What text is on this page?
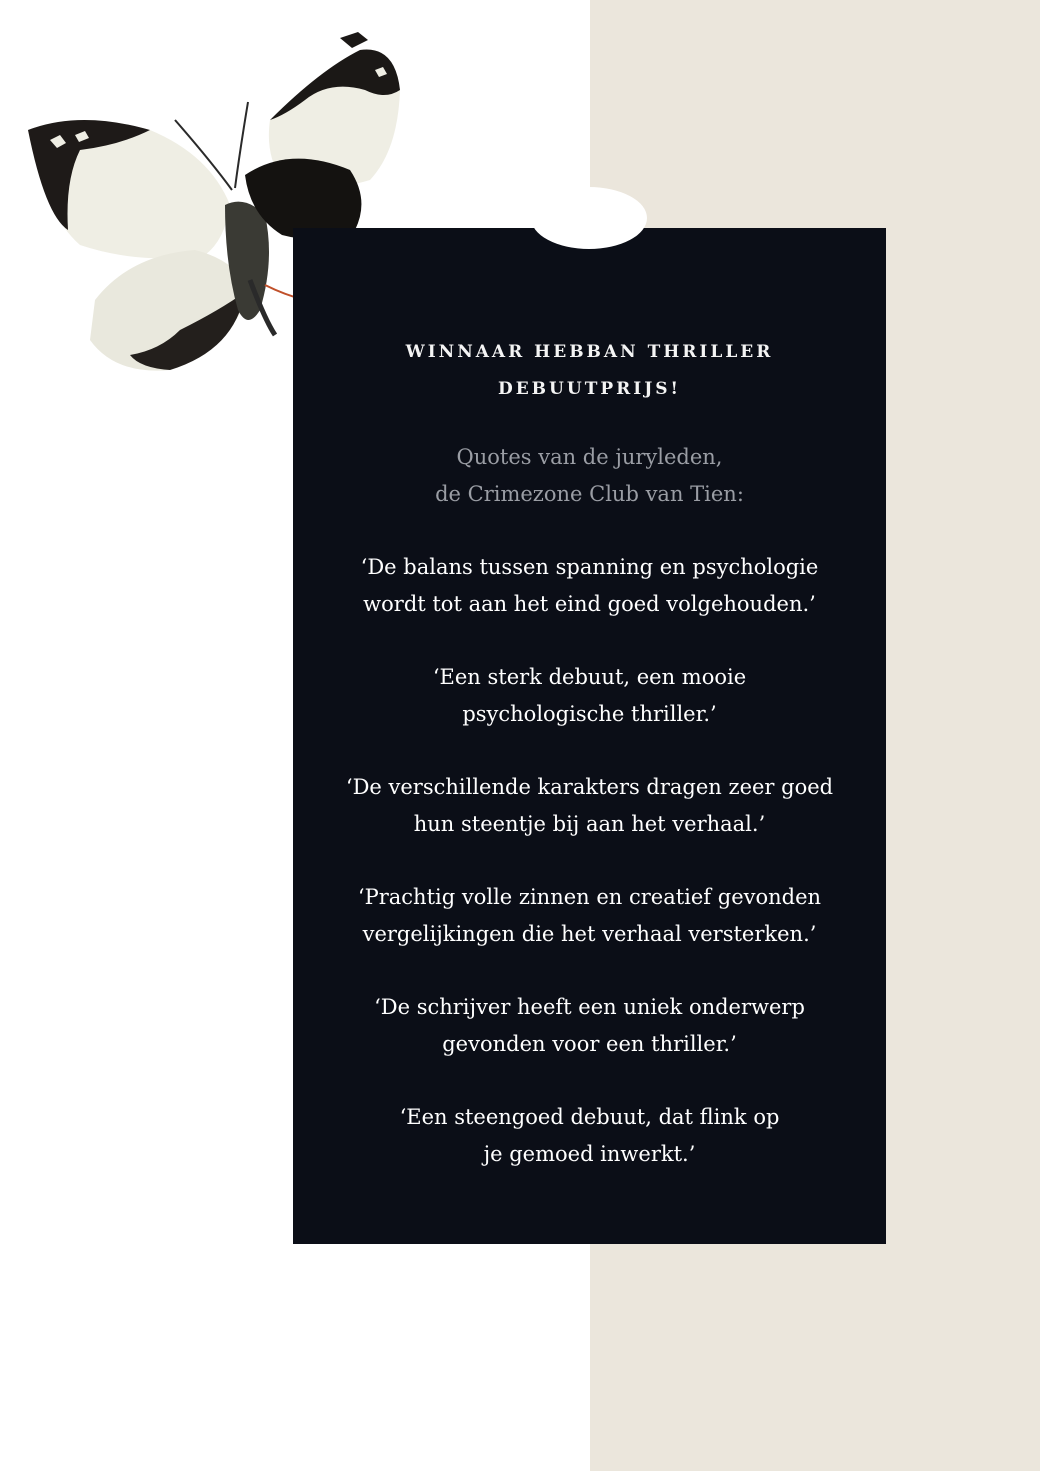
WINNAAR HEBBAN THRILLER DEBUUTPRIJS!
Quotes van de juryleden,
de Crimezone Club van Tien:
‘De balans tussen spanning en psychologie
wordt tot aan het eind goed volgehouden.’
‘Een sterk debuut, een mooie
psychologische thriller.’
‘De verschillende karakters dragen zeer goed
hun steentje bij aan het verhaal.’
‘Prachtig volle zinnen en creatief gevonden
vergelijkingen die het verhaal versterken.’
‘De schrijver heeft een uniek onderwerp
gevonden voor een thriller.’
‘Een steengoed debuut, dat flink op
je gemoed inwerkt.’
